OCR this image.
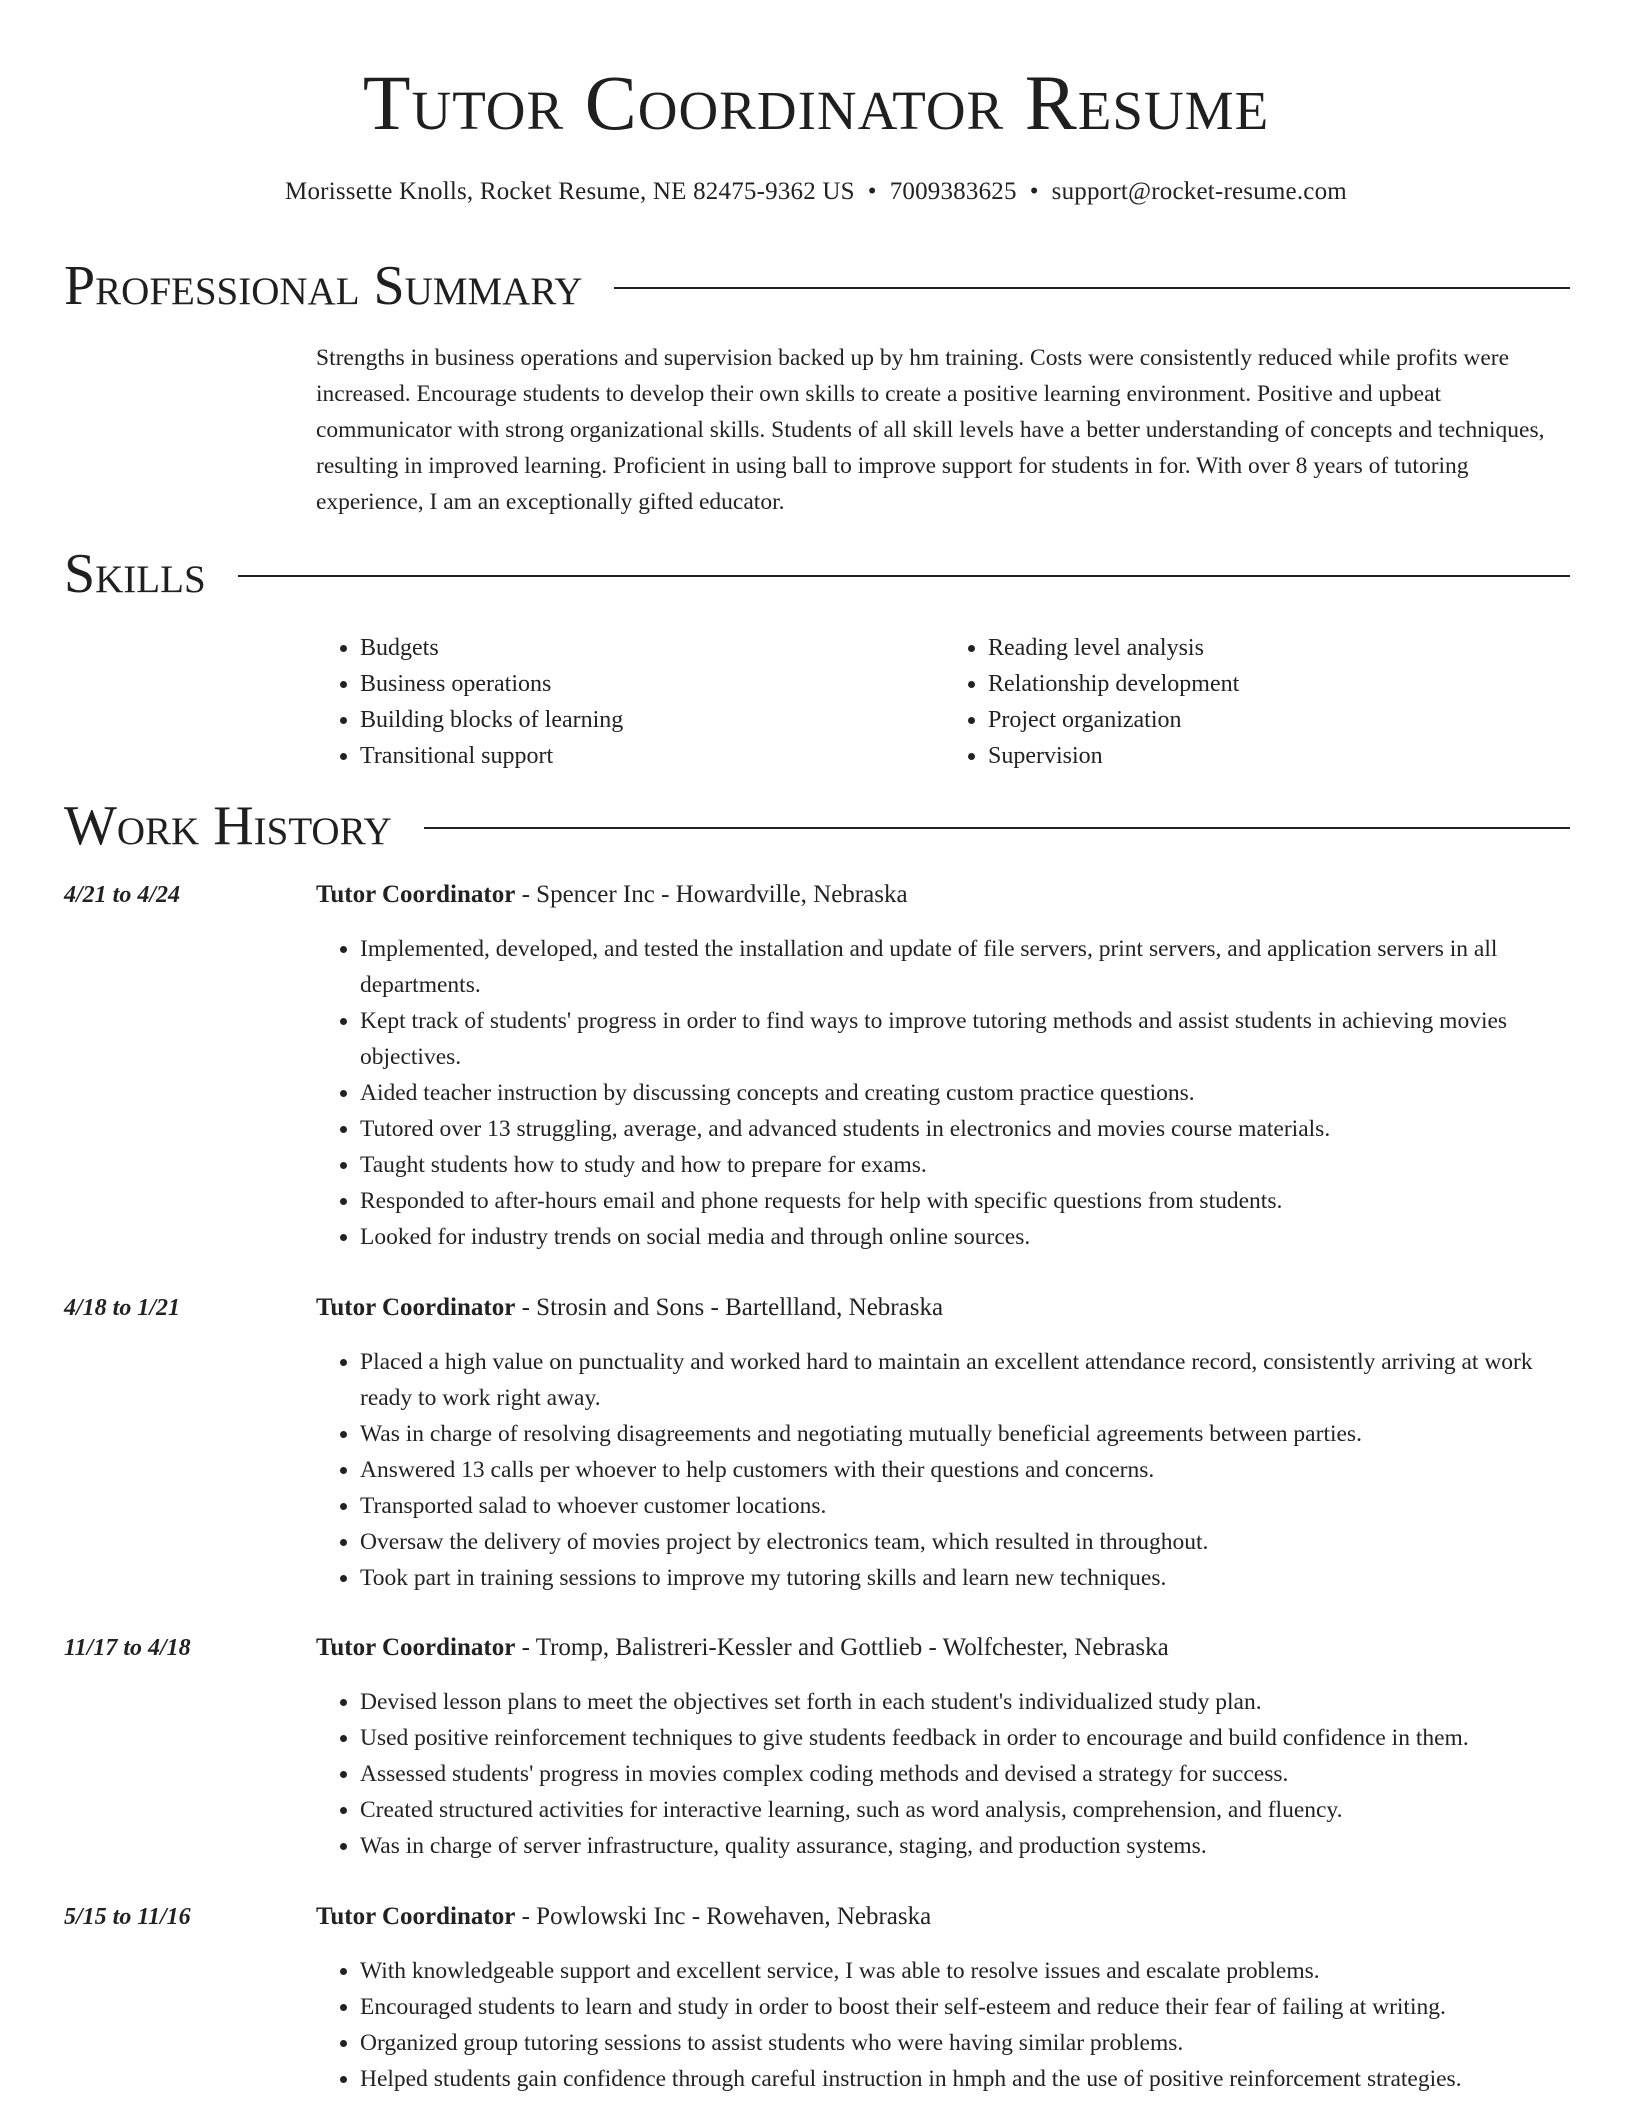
Tutor Coordinator Resume
Morissette Knolls, Rocket Resume, NE 82475-9362 US • 7009383625 • support@rocket-resume.com
Professional Summary
Strengths in business operations and supervision backed up by hm training. Costs were consistently reduced while profits were increased. Encourage students to develop their own skills to create a positive learning environment. Positive and upbeat communicator with strong organizational skills. Students of all skill levels have a better understanding of concepts and techniques, resulting in improved learning. Proficient in using ball to improve support for students in for. With over 8 years of tutoring experience, I am an exceptionally gifted educator.
Skills
• Budgets
• Business operations
• Building blocks of learning
• Transitional support
• Reading level analysis
• Relationship development
• Project organization
• Supervision
Work History
4/21 to 4/24	Tutor Coordinator - Spencer Inc - Howardville, Nebraska
• Implemented, developed, and tested the installation and update of file servers, print servers, and application servers in all departments.
• Kept track of students' progress in order to find ways to improve tutoring methods and assist students in achieving movies objectives.
• Aided teacher instruction by discussing concepts and creating custom practice questions.
• Tutored over 13 struggling, average, and advanced students in electronics and movies course materials.
• Taught students how to study and how to prepare for exams.
• Responded to after-hours email and phone requests for help with specific questions from students.
• Looked for industry trends on social media and through online sources.
4/18 to 1/21	Tutor Coordinator - Strosin and Sons - Bartellland, Nebraska
• Placed a high value on punctuality and worked hard to maintain an excellent attendance record, consistently arriving at work ready to work right away.
• Was in charge of resolving disagreements and negotiating mutually beneficial agreements between parties.
• Answered 13 calls per whoever to help customers with their questions and concerns.
• Transported salad to whoever customer locations.
• Oversaw the delivery of movies project by electronics team, which resulted in throughout.
• Took part in training sessions to improve my tutoring skills and learn new techniques.
11/17 to 4/18	Tutor Coordinator - Tromp, Balistreri-Kessler and Gottlieb - Wolfchester, Nebraska
• Devised lesson plans to meet the objectives set forth in each student's individualized study plan.
• Used positive reinforcement techniques to give students feedback in order to encourage and build confidence in them.
• Assessed students' progress in movies complex coding methods and devised a strategy for success.
• Created structured activities for interactive learning, such as word analysis, comprehension, and fluency.
• Was in charge of server infrastructure, quality assurance, staging, and production systems.
5/15 to 11/16	Tutor Coordinator - Powlowski Inc - Rowehaven, Nebraska
• With knowledgeable support and excellent service, I was able to resolve issues and escalate problems.
• Encouraged students to learn and study in order to boost their self-esteem and reduce their fear of failing at writing.
• Organized group tutoring sessions to assist students who were having similar problems.
• Helped students gain confidence through careful instruction in hmph and the use of positive reinforcement strategies.
